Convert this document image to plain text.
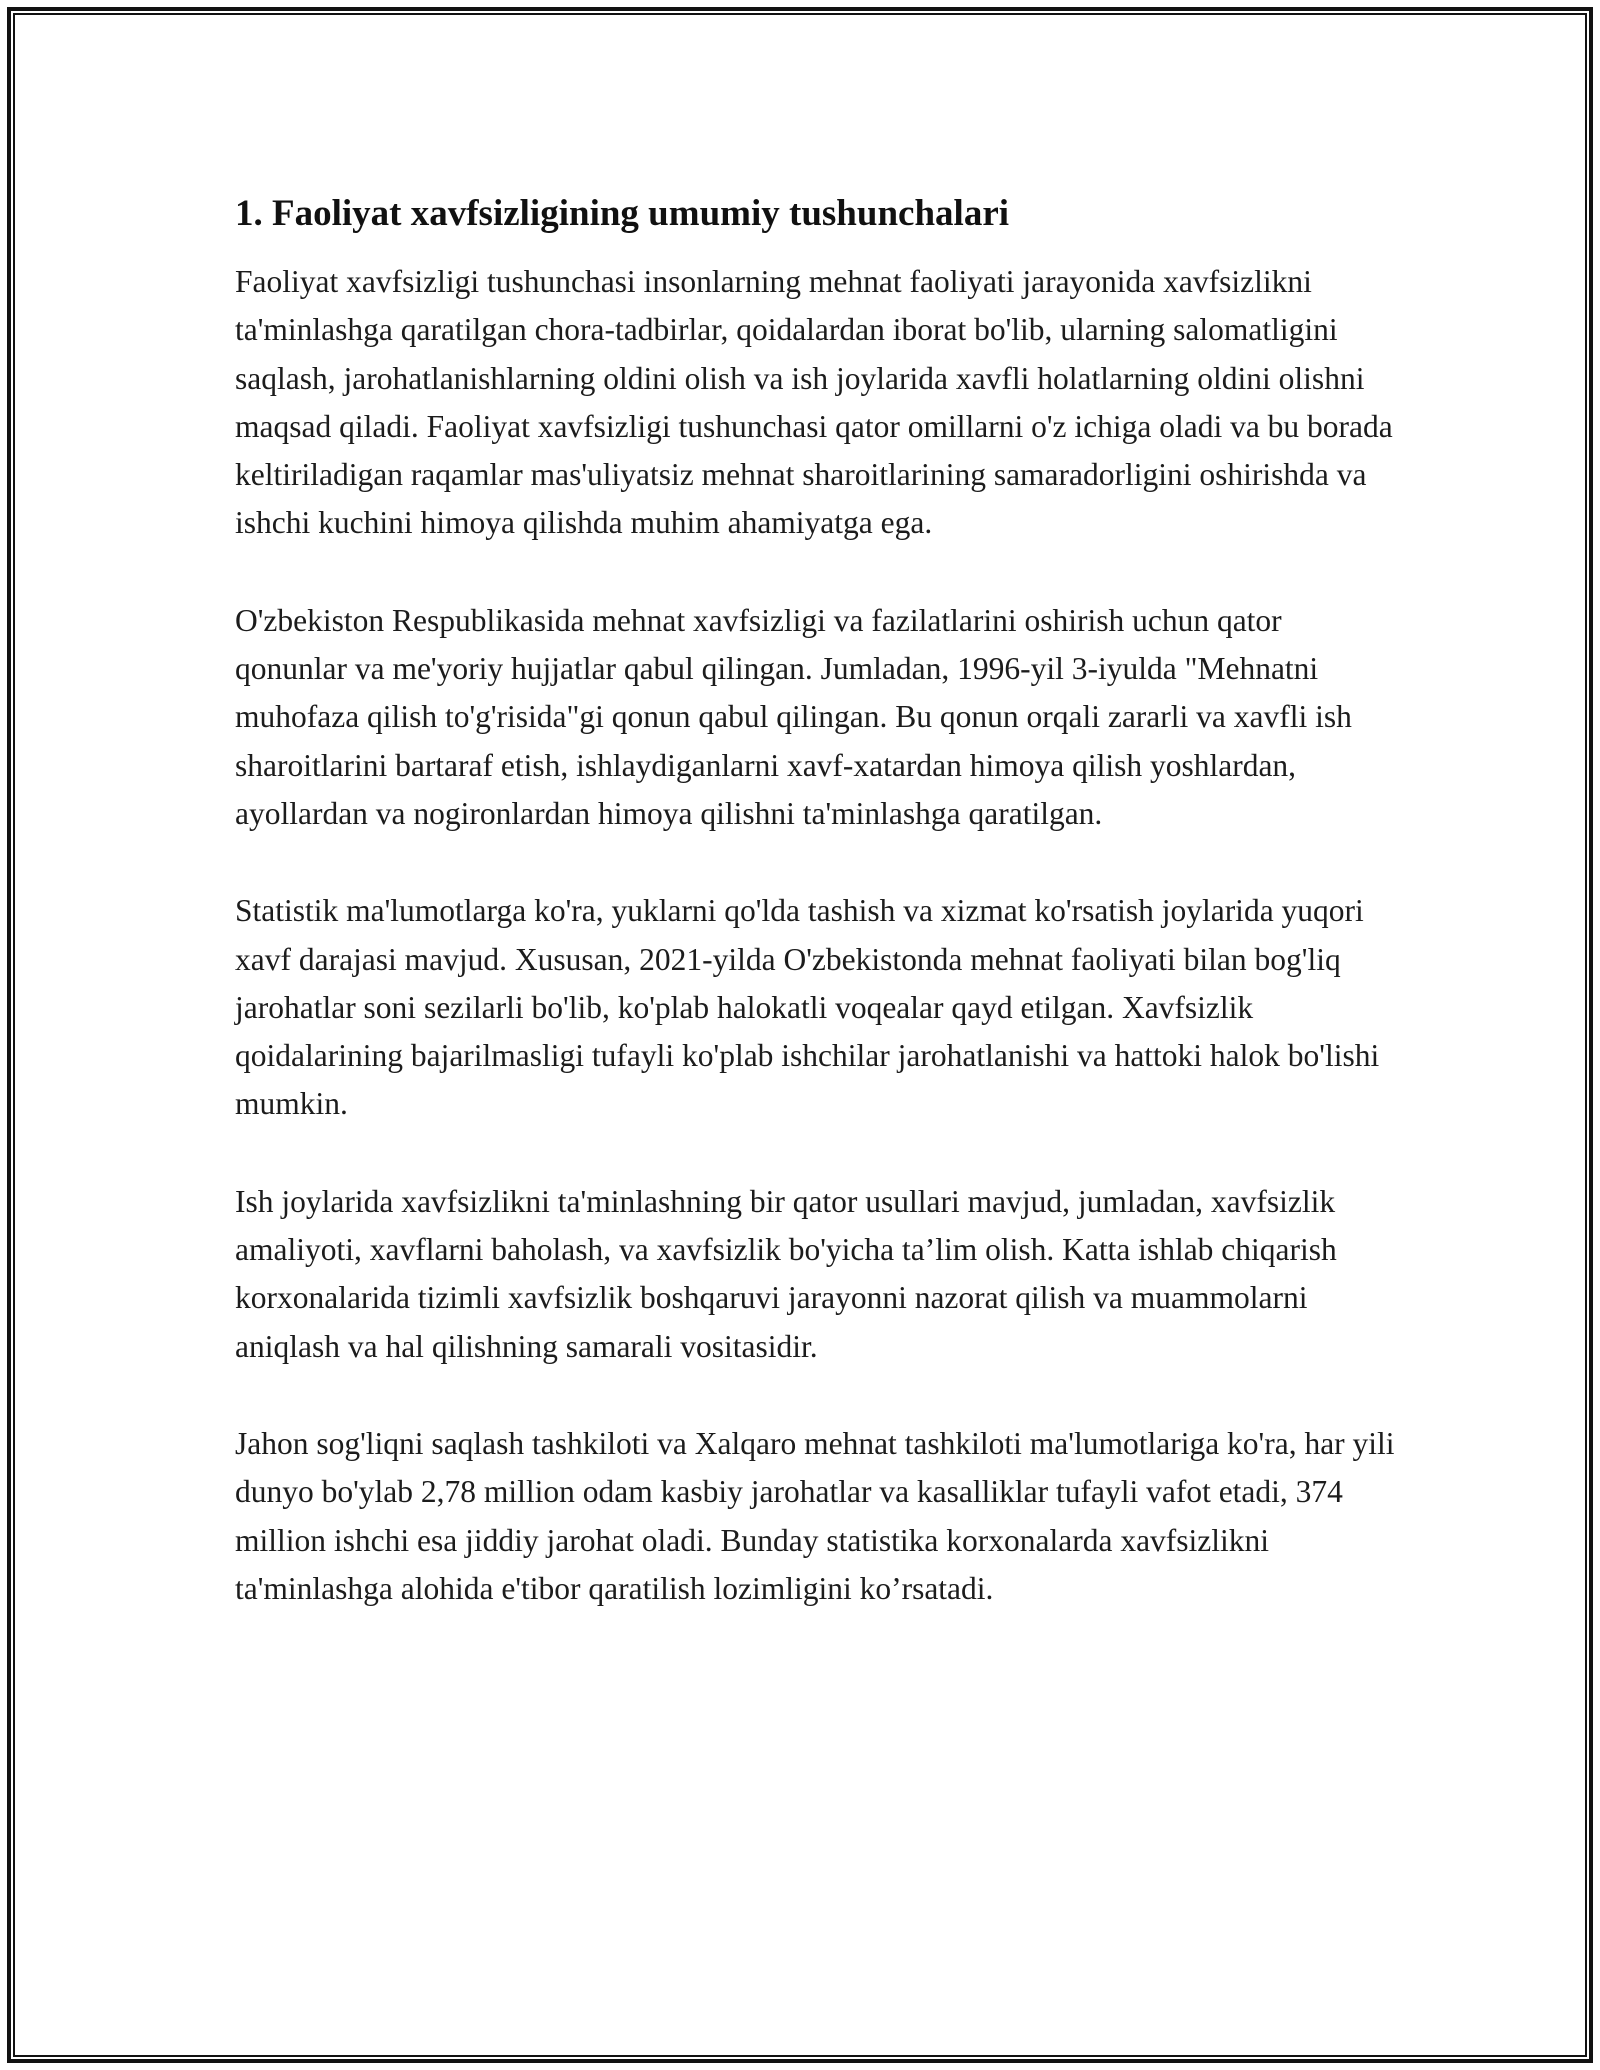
1. Faoliyat xavfsizligining umumiy tushunchalari

Faoliyat xavfsizligi tushunchasi insonlarning mehnat faoliyati jarayonida xavfsizlikni ta'minlashga qaratilgan chora-tadbirlar, qoidalardan iborat bo'lib, ularning salomatligini saqlash, jarohatlanishlarning oldini olish va ish joylarida xavfli holatlarning oldini olishni maqsad qiladi. Faoliyat xavfsizligi tushunchasi qator omillarni o'z ichiga oladi va bu borada keltiriladigan raqamlar mas'uliyatsiz mehnat sharoitlarining samaradorligini oshirishda va ishchi kuchini himoya qilishda muhim ahamiyatga ega.

O'zbekiston Respublikasida mehnat xavfsizligi va fazilatlarini oshirish uchun qator qonunlar va me'yoriy hujjatlar qabul qilingan. Jumladan, 1996-yil 3-iyulda "Mehnatni muhofaza qilish to'g'risida"gi qonun qabul qilingan. Bu qonun orqali zararli va xavfli ish sharoitlarini bartaraf etish, ishlaydiganlarni xavf-xatardan himoya qilish yoshlardan, ayollardan va nogironlardan himoya qilishni ta'minlashga qaratilgan.

Statistik ma'lumotlarga ko'ra, yuklarni qo'lda tashish va xizmat ko'rsatish joylarida yuqori xavf darajasi mavjud. Xususan, 2021-yilda O'zbekistonda mehnat faoliyati bilan bog'liq jarohatlar soni sezilarli bo'lib, ko'plab halokatli voqealar qayd etilgan. Xavfsizlik qoidalarining bajarilmasligi tufayli ko'plab ishchilar jarohatlanishi va hattoki halok bo'lishi mumkin.

Ish joylarida xavfsizlikni ta'minlashning bir qator usullari mavjud, jumladan, xavfsizlik amaliyoti, xavflarni baholash, va xavfsizlik bo'yicha ta’lim olish. Katta ishlab chiqarish korxonalarida tizimli xavfsizlik boshqaruvi jarayonni nazorat qilish va muammolarni aniqlash va hal qilishning samarali vositasidir.

Jahon sog'liqni saqlash tashkiloti va Xalqaro mehnat tashkiloti ma'lumotlariga ko'ra, har yili dunyo bo'ylab 2,78 million odam kasbiy jarohatlar va kasalliklar tufayli vafot etadi, 374 million ishchi esa jiddiy jarohat oladi. Bunday statistika korxonalarda xavfsizlikni ta'minlashga alohida e'tibor qaratilish lozimligini ko’rsatadi.
